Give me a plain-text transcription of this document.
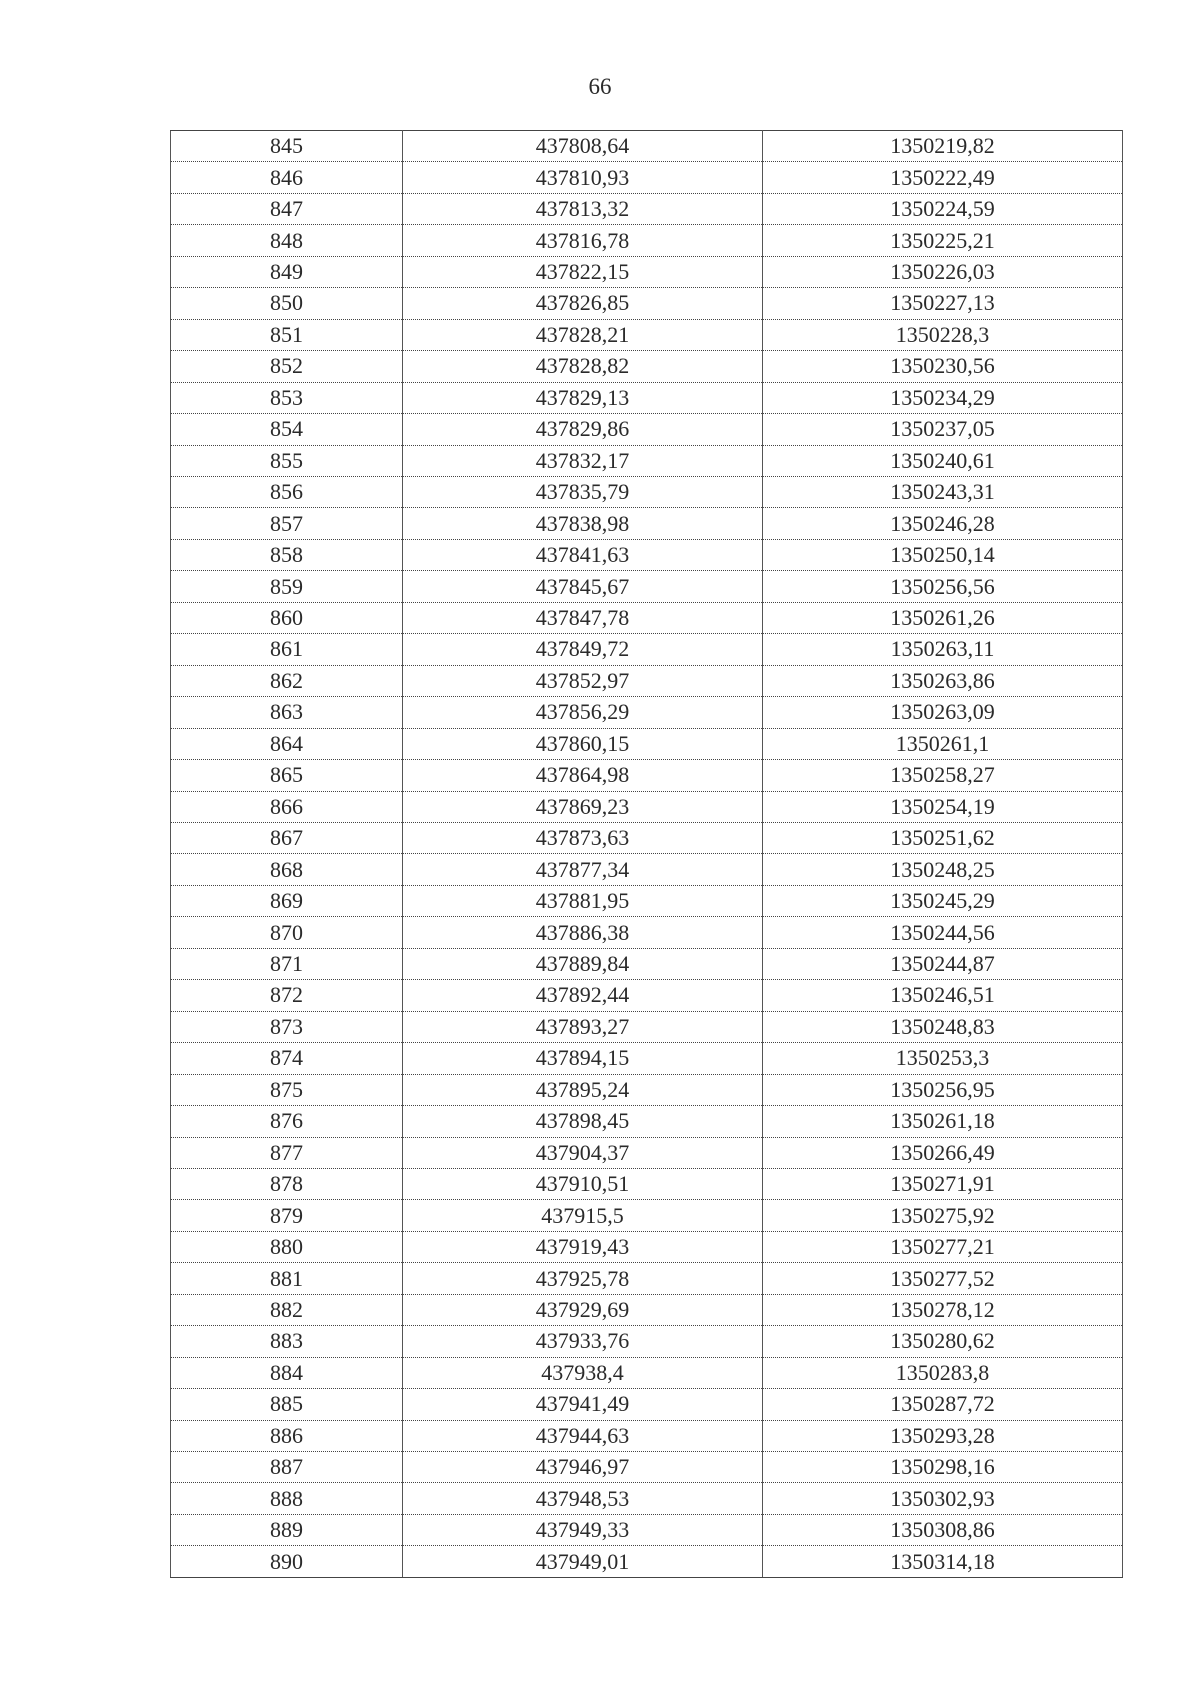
66
845	437808,64	1350219,82
846	437810,93	1350222,49
847	437813,32	1350224,59
848	437816,78	1350225,21
849	437822,15	1350226,03
850	437826,85	1350227,13
851	437828,21	1350228,3
852	437828,82	1350230,56
853	437829,13	1350234,29
854	437829,86	1350237,05
855	437832,17	1350240,61
856	437835,79	1350243,31
857	437838,98	1350246,28
858	437841,63	1350250,14
859	437845,67	1350256,56
860	437847,78	1350261,26
861	437849,72	1350263,11
862	437852,97	1350263,86
863	437856,29	1350263,09
864	437860,15	1350261,1
865	437864,98	1350258,27
866	437869,23	1350254,19
867	437873,63	1350251,62
868	437877,34	1350248,25
869	437881,95	1350245,29
870	437886,38	1350244,56
871	437889,84	1350244,87
872	437892,44	1350246,51
873	437893,27	1350248,83
874	437894,15	1350253,3
875	437895,24	1350256,95
876	437898,45	1350261,18
877	437904,37	1350266,49
878	437910,51	1350271,91
879	437915,5	1350275,92
880	437919,43	1350277,21
881	437925,78	1350277,52
882	437929,69	1350278,12
883	437933,76	1350280,62
884	437938,4	1350283,8
885	437941,49	1350287,72
886	437944,63	1350293,28
887	437946,97	1350298,16
888	437948,53	1350302,93
889	437949,33	1350308,86
890	437949,01	1350314,18
